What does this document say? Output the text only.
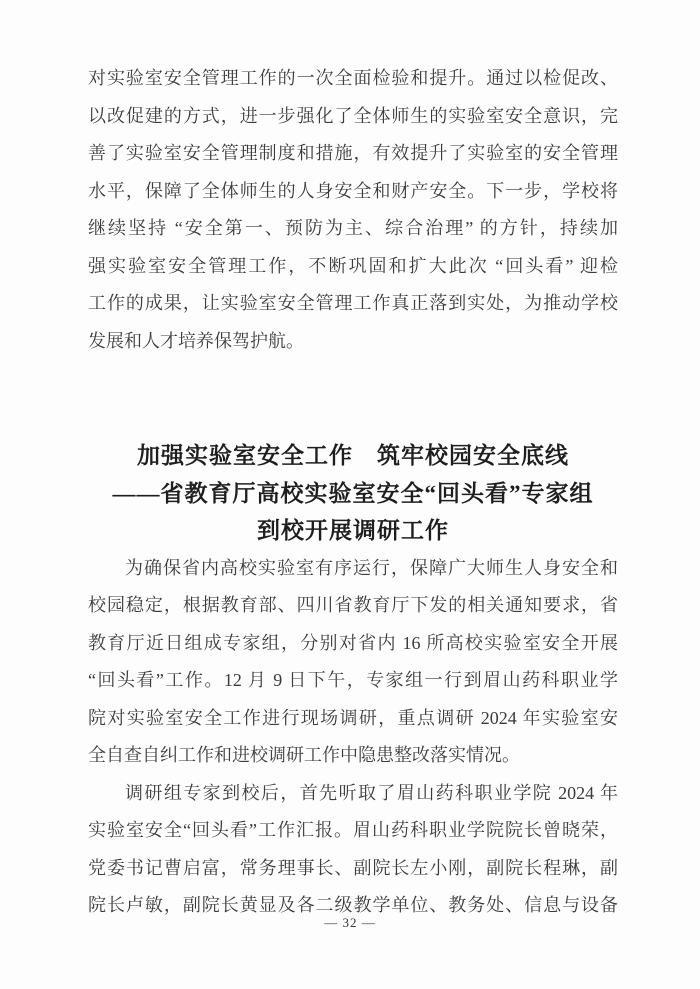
对实验室安全管理工作的一次全面检验和提升。通过以检促改、
以改促建的方式，进一步强化了全体师生的实验室安全意识，完
善了实验室安全管理制度和措施，有效提升了实验室的安全管理
水平，保障了全体师生的人身安全和财产安全。下一步，学校将
继续坚持 “安全第一、预防为主、综合治理” 的方针，持续加
强实验室安全管理工作，不断巩固和扩大此次 “回头看” 迎检
工作的成果，让实验室安全管理工作真正落到实处，为推动学校
发展和人才培养保驾护航。
加强实验室安全工作　筑牢校园安全底线
——省教育厅高校实验室安全“回头看”专家组
到校开展调研工作
为确保省内高校实验室有序运行，保障广大师生人身安全和
校园稳定，根据教育部、四川省教育厅下发的相关通知要求，省
教育厅近日组成专家组，分别对省内 16 所高校实验室安全开展
“回头看”工作。12 月 9 日下午，专家组一行到眉山药科职业学
院对实验室安全工作进行现场调研，重点调研 2024 年实验室安
全自查自纠工作和进校调研工作中隐患整改落实情况。
调研组专家到校后，首先听取了眉山药科职业学院 2024 年
实验室安全“回头看”工作汇报。眉山药科职业学院院长曾晓荣，
党委书记曹启富，常务理事长、副院长左小刚，副院长程琳，副
院长卢敏，副院长黄显及各二级教学单位、教务处、信息与设备
— 32 —
